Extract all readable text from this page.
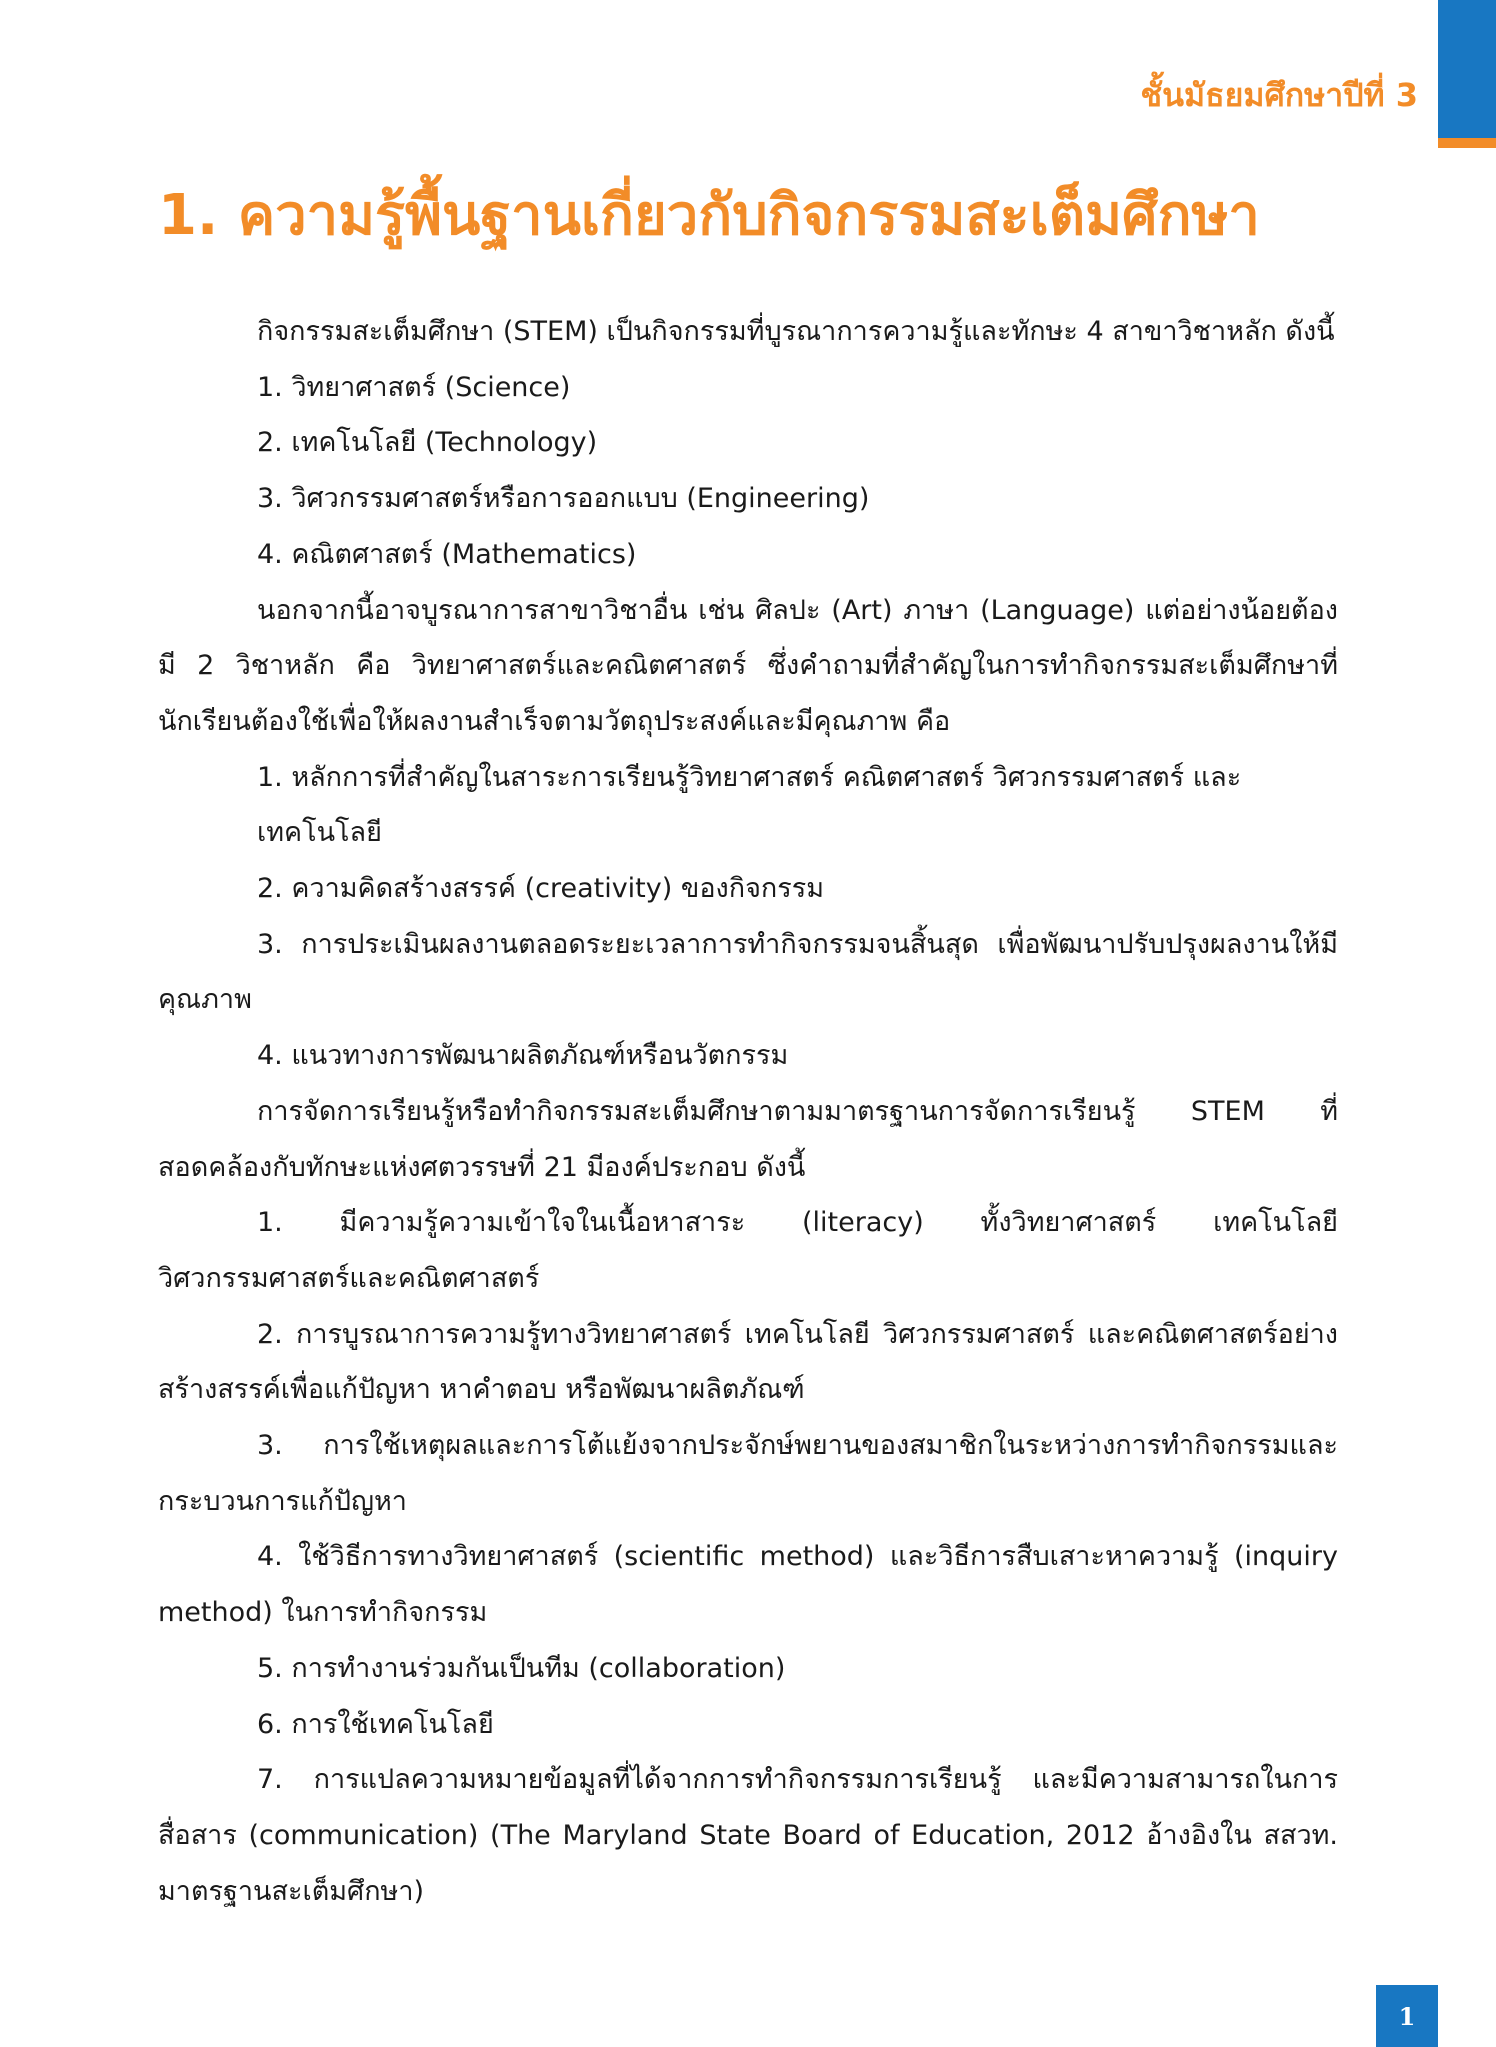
ชั้นมัธยมศึกษาปีที่ 3
1. ความรู้พื้นฐานเกี่ยวกับกิจกรรมสะเต็มศึกษา

กิจกรรมสะเต็มศึกษา (STEM) เป็นกิจกรรมที่บูรณาการความรู้และทักษะ 4 สาขาวิชาหลัก ดังนี้

1. วิทยาศาสตร์ (Science)

2. เทคโนโลยี (Technology)

3. วิศวกรรมศาสตร์หรือการออกแบบ (Engineering)

4. คณิตศาสตร์ (Mathematics)

นอกจากนี้อาจบูรณาการสาขาวิชาอื่น เช่น ศิลปะ (Art) ภาษา (Language) แต่อย่างน้อยต้องมี 2 วิชาหลัก คือ วิทยาศาสตร์และคณิตศาสตร์ ซึ่งคำถามที่สำคัญในการทำกิจกรรมสะเต็มศึกษาที่นักเรียนต้องใช้เพื่อให้ผลงานสำเร็จตามวัตถุประสงค์และมีคุณภาพ คือ

1. หลักการที่สำคัญในสาระการเรียนรู้วิทยาศาสตร์ คณิตศาสตร์ วิศวกรรมศาสตร์ และเทคโนโลยี

2. ความคิดสร้างสรรค์ (creativity) ของกิจกรรม

3. การประเมินผลงานตลอดระยะเวลาการทำกิจกรรมจนสิ้นสุด เพื่อพัฒนาปรับปรุงผลงานให้มีคุณภาพ

4. แนวทางการพัฒนาผลิตภัณฑ์หรือนวัตกรรม

การจัดการเรียนรู้หรือทำกิจกรรมสะเต็มศึกษาตามมาตรฐานการจัดการเรียนรู้ STEM ที่สอดคล้องกับทักษะแห่งศตวรรษที่ 21 มีองค์ประกอบ ดังนี้

1. มีความรู้ความเข้าใจในเนื้อหาสาระ (literacy) ทั้งวิทยาศาสตร์ เทคโนโลยี วิศวกรรมศาสตร์และคณิตศาสตร์

2. การบูรณาการความรู้ทางวิทยาศาสตร์ เทคโนโลยี วิศวกรรมศาสตร์ และคณิตศาสตร์อย่างสร้างสรรค์เพื่อแก้ปัญหา หาคำตอบ หรือพัฒนาผลิตภัณฑ์

3. การใช้เหตุผลและการโต้แย้งจากประจักษ์พยานของสมาชิกในระหว่างการทำกิจกรรมและกระบวนการแก้ปัญหา

4. ใช้วิธีการทางวิทยาศาสตร์ (scientific method) และวิธีการสืบเสาะหาความรู้ (inquiry method) ในการทำกิจกรรม

5. การทำงานร่วมกันเป็นทีม (collaboration)

6. การใช้เทคโนโลยี

7. การแปลความหมายข้อมูลที่ได้จากการทำกิจกรรมการเรียนรู้ และมีความสามารถในการสื่อสาร (communication) (The Maryland State Board of Education, 2012 อ้างอิงใน สสวท. มาตรฐานสะเต็มศึกษา)

1
